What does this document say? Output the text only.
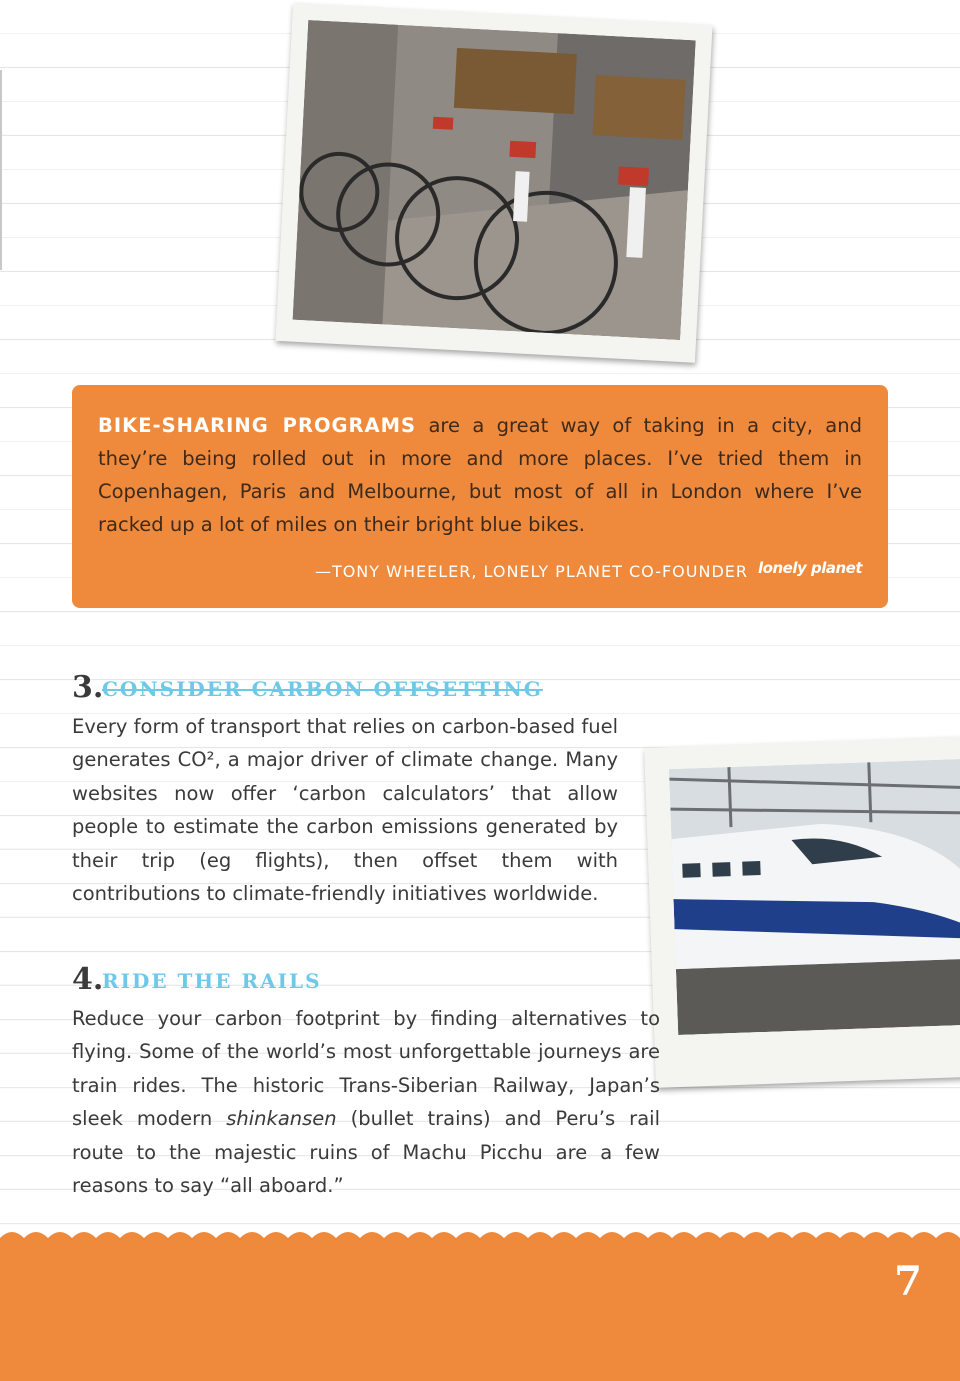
BIKE-SHARING PROGRAMS are a great way of taking in a city, and they’re being rolled out in more and more places. I’ve tried them in Copenhagen, Paris and Melbourne, but most of all in London where I’ve racked up a lot of miles on their bright blue bikes.

—TONY WHEELER, LONELY PLANET CO-FOUNDER lonely planet
3.
CONSIDER CARBON OFFSETTING

Every form of transport that relies on carbon-based fuel generates CO², a major driver of climate change. Many websites now offer ‘carbon calculators’ that allow people to estimate the carbon emissions generated by their trip (eg flights), then offset them with contributions to climate-friendly initiatives worldwide.

4.
RIDE THE RAILS

Reduce your carbon footprint by finding alternatives to flying. Some of the world’s most unforgettable journeys are train rides. The historic Trans-Siberian Railway, Japan’s sleek modern shinkansen (bullet trains) and Peru’s rail route to the majestic ruins of Machu Picchu are a few reasons to say “all aboard.”

7
